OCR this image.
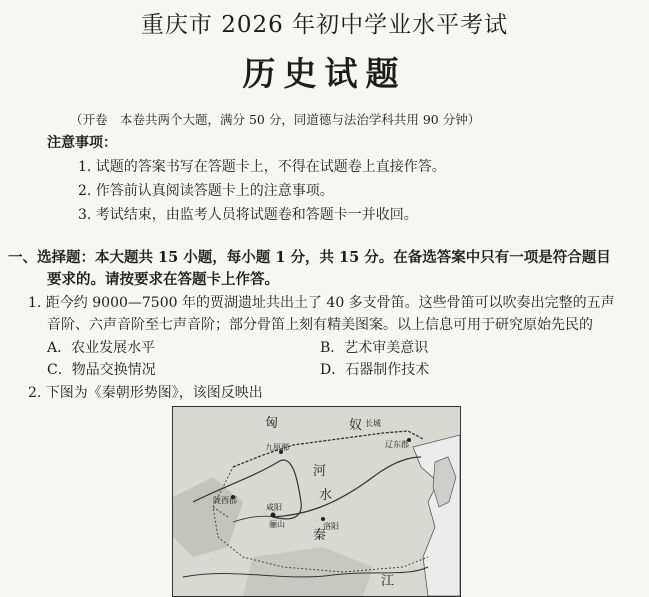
重庆市 2026 年初中学业水平考试
历史试题
（开卷　本卷共两个大题，满分 50 分，同道德与法治学科共用 90 分钟）
注意事项：
1. 试题的答案书写在答题卡上，不得在试题卷上直接作答。
2. 作答前认真阅读答题卡上的注意事项。
3. 考试结束，由监考人员将试题卷和答题卡一并收回。
一、选择题：本大题共 15 小题，每小题 1 分，共 15 分。在备选答案中只有一项是符合题目
要求的。请按要求在答题卡上作答。
1. 距今约 9000—7500 年的贾湖遗址共出土了 40 多支骨笛。这些骨笛可以吹奏出完整的五声
音阶、六声音阶至七声音阶；部分骨笛上刻有精美图案。以上信息可用于研究原始先民的
A．农业发展水平	B．艺术审美意识
C．物品交换情况	D．石器制作技术
2. 下图为《秦朝形势图》，该图反映出
匈	奴 长城
九原郡	辽东郡
河
水
陇西郡
咸阳
秦
骊山	洛阳
江
